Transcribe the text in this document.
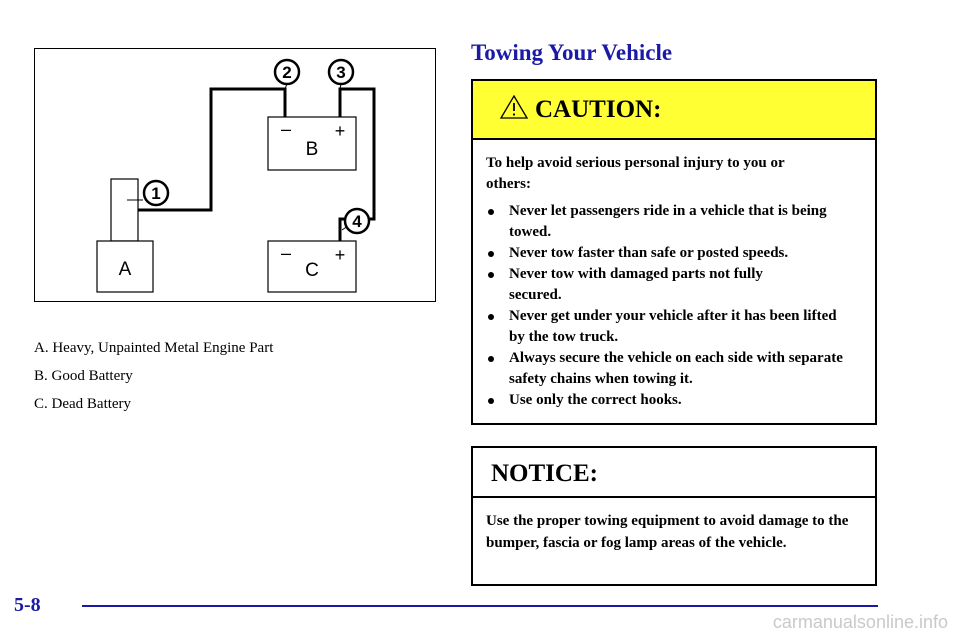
A
– +
B
– +
C
1
2	3
4
A. Heavy, Unpainted Metal Engine Part
B. Good Battery
C. Dead Battery
Towing Your Vehicle
CAUTION:

To help avoid serious personal injury to you or others:

Never let passengers ride in a vehicle that is being towed.
Never tow faster than safe or posted speeds.
Never tow with damaged parts not fully secured.
Never get under your vehicle after it has been lifted by the tow truck.
Always secure the vehicle on each side with separate safety chains when towing it.
Use only the correct hooks.
NOTICE:
Use the proper towing equipment to avoid damage to the bumper, fascia or fog lamp areas of the vehicle.
5-8
carmanualsonline.info
